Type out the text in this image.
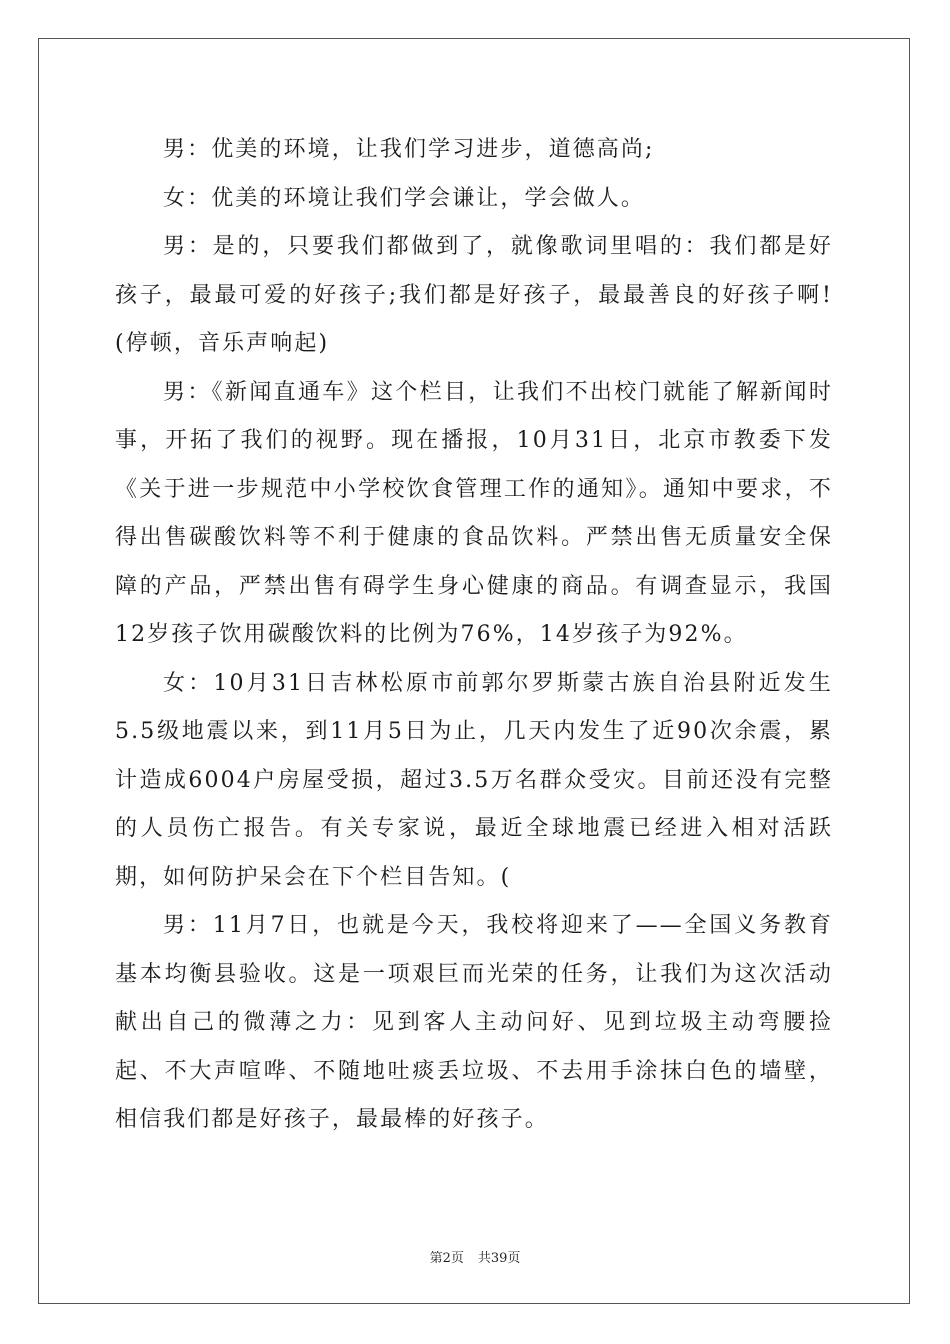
男：优美的环境，让我们学习进步，道德高尚;

女：优美的环境让我们学会谦让，学会做人。

男：是的，只要我们都做到了，就像歌词里唱的：我们都是好孩子，最最可爱的好孩子;我们都是好孩子，最最善良的好孩子啊!(停顿，音乐声响起)

男：《新闻直通车》这个栏目，让我们不出校门就能了解新闻时事，开拓了我们的视野。现在播报，10月31日，北京市教委下发《关于进一步规范中小学校饮食管理工作的通知》。通知中要求，不得出售碳酸饮料等不利于健康的食品饮料。严禁出售无质量安全保障的产品，严禁出售有碍学生身心健康的商品。有调查显示，我国12岁孩子饮用碳酸饮料的比例为76%，14岁孩子为92%。

女：10月31日吉林松原市前郭尔罗斯蒙古族自治县附近发生5.5级地震以来，到11月5日为止，几天内发生了近90次余震，累计造成6004户房屋受损，超过3.5万名群众受灾。目前还没有完整的人员伤亡报告。有关专家说，最近全球地震已经进入相对活跃期，如何防护呆会在下个栏目告知。(

男：11月7日，也就是今天，我校将迎来了——全国义务教育基本均衡县验收。这是一项艰巨而光荣的任务，让我们为这次活动献出自己的微薄之力：见到客人主动问好、见到垃圾主动弯腰捡起、不大声喧哗、不随地吐痰丢垃圾、不去用手涂抹白色的墙壁，相信我们都是好孩子，最最棒的好孩子。

第2页 共39页
